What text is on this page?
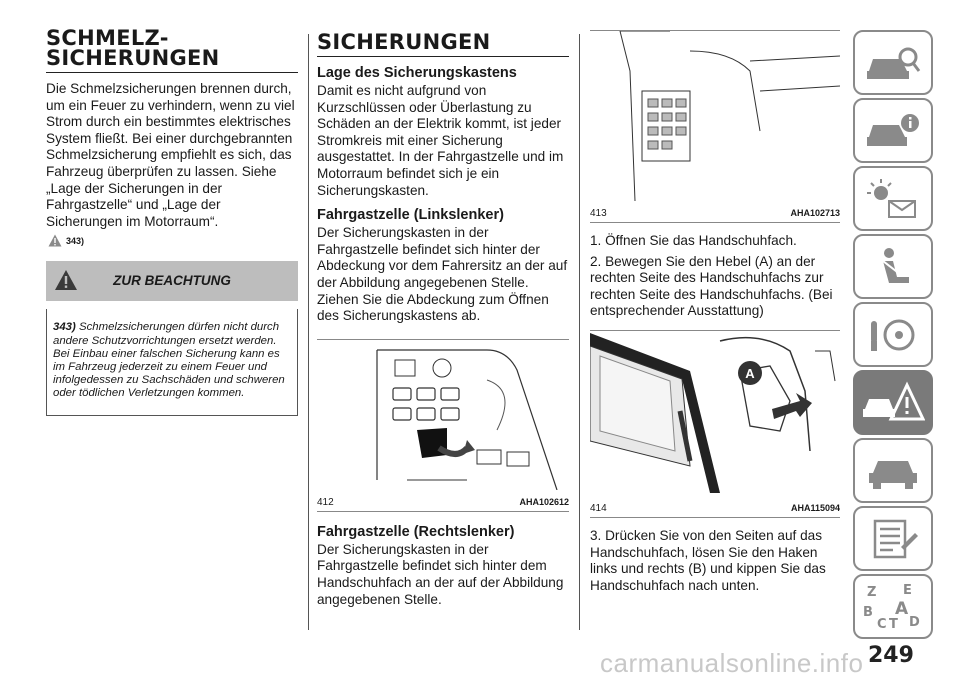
SCHMELZ-
SICHERUNGEN

Die Schmelzsicherungen brennen durch, um ein Feuer zu verhindern, wenn zu viel Strom durch ein bestimmtes elektrisches System fließt. Bei einer durchgebrannten Schmelzsicherung empfiehlt es sich, das Fahrzeug überprüfen zu lassen. Siehe „Lage der Sicherungen in der Fahrgastzelle“ und „Lage der Sicherungen im Motorraum“.

343)
ZUR BEACHTUNG

343) Schmelzsicherungen dürfen nicht durch andere Schutzvorrichtungen ersetzt werden. Bei Einbau einer falschen Sicherung kann es im Fahrzeug jederzeit zu einem Feuer und infolgedessen zu Sachschäden und schweren oder tödlichen Verletzungen kommen.

SICHERUNGEN
Lage des Sicherungskastens

Damit es nicht aufgrund von Kurzschlüssen oder Überlastung zu Schäden an der Elektrik kommt, ist jeder Stromkreis mit einer Sicherung ausgestattet. In der Fahrgastzelle und im Motorraum befindet sich je ein Sicherungskasten.

Fahrgastzelle (Linkslenker)

Der Sicherungskasten in der Fahrgastzelle befindet sich hinter der Abdeckung vor dem Fahrersitz an der auf der Abbildung angegebenen Stelle. Ziehen Sie die Abdeckung zum Öffnen des Sicherungskastens ab.

412	AHA102612
Fahrgastzelle (Rechtslenker)

Der Sicherungskasten in der Fahrgastzelle befindet sich hinter dem Handschuhfach an der auf der Abbildung angegebenen Stelle.

413	AHA102713

1. Öffnen Sie das Handschuhfach.

2. Bewegen Sie den Hebel (A) an der rechten Seite des Handschuhfachs zur rechten Seite des Handschuhfachs. (Bei entsprechender Ausstattung)

A
414	AHA115094

3. Drücken Sie von den Seiten auf das Handschuhfach, lösen Sie den Haken links und rechts (B) und kippen Sie das Handschuhfach nach unten.	Z E
B A
C T D
249
carmanualsonline.info
